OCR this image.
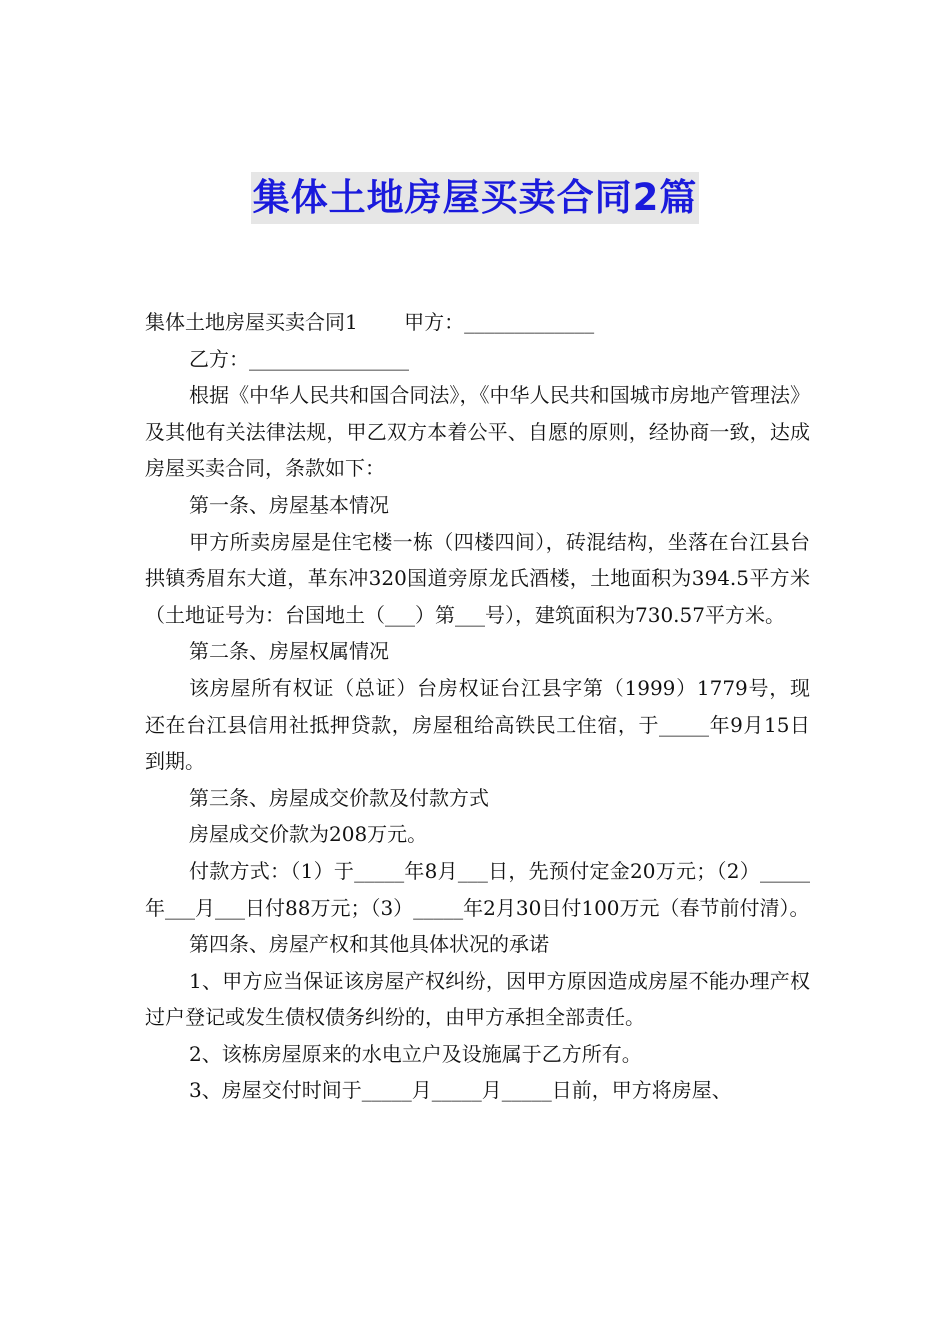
集体土地房屋买卖合同2篇

集体土地房屋买卖合同1　　 甲方：_____________

乙方：________________

根据《中华人民共和国合同法》，《中华人民共和国城市房地产管理法》及其他有关法律法规，甲乙双方本着公平、自愿的原则，经协商一致，达成房屋买卖合同，条款如下：

第一条、房屋基本情况

甲方所卖房屋是住宅楼一栋（四楼四间），砖混结构，坐落在台江县台拱镇秀眉东大道，革东冲320国道旁原龙氏酒楼，土地面积为394.5平方米（土地证号为：台国地土（___）第___号），建筑面积为730.57平方米。

第二条、房屋权属情况

该房屋所有权证（总证）台房权证台江县字第（1999）1779号，现还在台江县信用社抵押贷款，房屋租给高铁民工住宿，于_____年9月15日到期。

第三条、房屋成交价款及付款方式

房屋成交价款为208万元。

付款方式：（1）于_____年8月___日，先预付定金20万元；（2）_____年___月___日付88万元；（3）_____年2月30日付100万元（春节前付清）。

第四条、房屋产权和其他具体状况的承诺

1、甲方应当保证该房屋产权纠纷，因甲方原因造成房屋不能办理产权过户登记或发生债权债务纠纷的，由甲方承担全部责任。

2、该栋房屋原来的水电立户及设施属于乙方所有。

3、房屋交付时间于_____月_____月_____日前，甲方将房屋、
